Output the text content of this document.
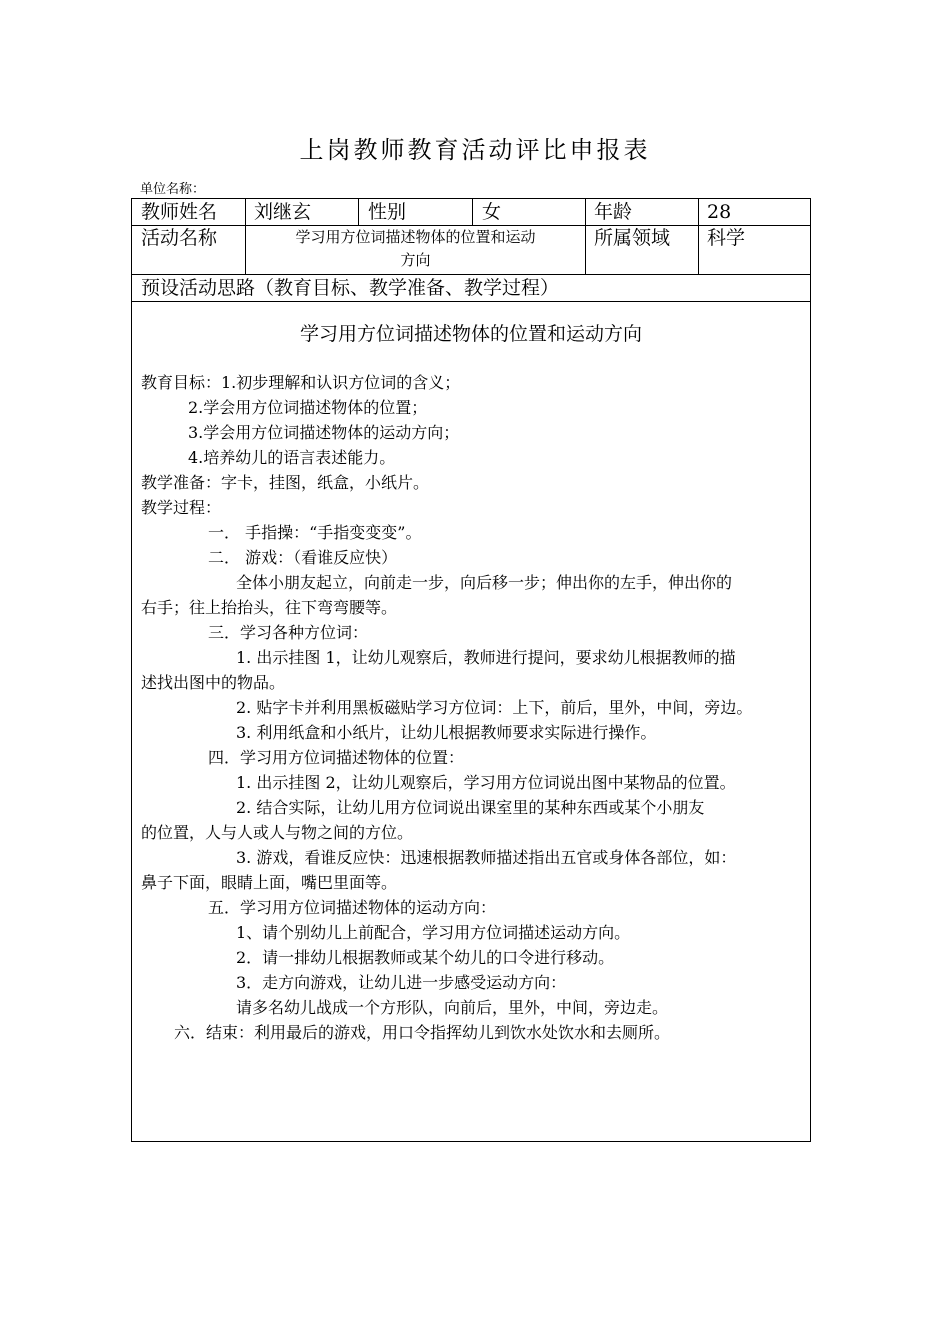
上岗教师教育活动评比申报表
单位名称：
教师姓名 刘继玄	性别	女	年龄	28
活动名称	学习用方位词描述物体的位置和运动
方向
所属领域 科学
预设活动思路（教育目标、教学准备、教学过程）
学习用方位词描述物体的位置和运动方向
教育目标：1.初步理解和认识方位词的含义；
2.学会用方位词描述物体的位置；
3.学会用方位词描述物体的运动方向；
4.培养幼儿的语言表述能力。
教学准备：字卡，挂图，纸盒，小纸片。
教学过程：
一． 手指操：“手指变变变”。
二． 游戏：（看谁反应快）
全体小朋友起立，向前走一步，向后移一步；伸出你的左手，伸出你的
右手；往上抬抬头，往下弯弯腰等。
三．学习各种方位词：
1. 出示挂图 1，让幼儿观察后，教师进行提问，要求幼儿根据教师的描
述找出图中的物品。
2. 贴字卡并利用黑板磁贴学习方位词：上下，前后，里外，中间，旁边。
3. 利用纸盒和小纸片，让幼儿根据教师要求实际进行操作。
四．学习用方位词描述物体的位置：
1. 出示挂图 2，让幼儿观察后，学习用方位词说出图中某物品的位置。
2. 结合实际，让幼儿用方位词说出课室里的某种东西或某个小朋友
的位置，人与人或人与物之间的方位。
3. 游戏，看谁反应快：迅速根据教师描述指出五官或身体各部位，如：
鼻子下面，眼睛上面，嘴巴里面等。
五．学习用方位词描述物体的运动方向：
1、请个别幼儿上前配合，学习用方位词描述运动方向。
2．请一排幼儿根据教师或某个幼儿的口令进行移动。
3．走方向游戏，让幼儿进一步感受运动方向：
请多名幼儿战成一个方形队，向前后，里外，中间，旁边走。
六．结束：利用最后的游戏，用口令指挥幼儿到饮水处饮水和去厕所。
